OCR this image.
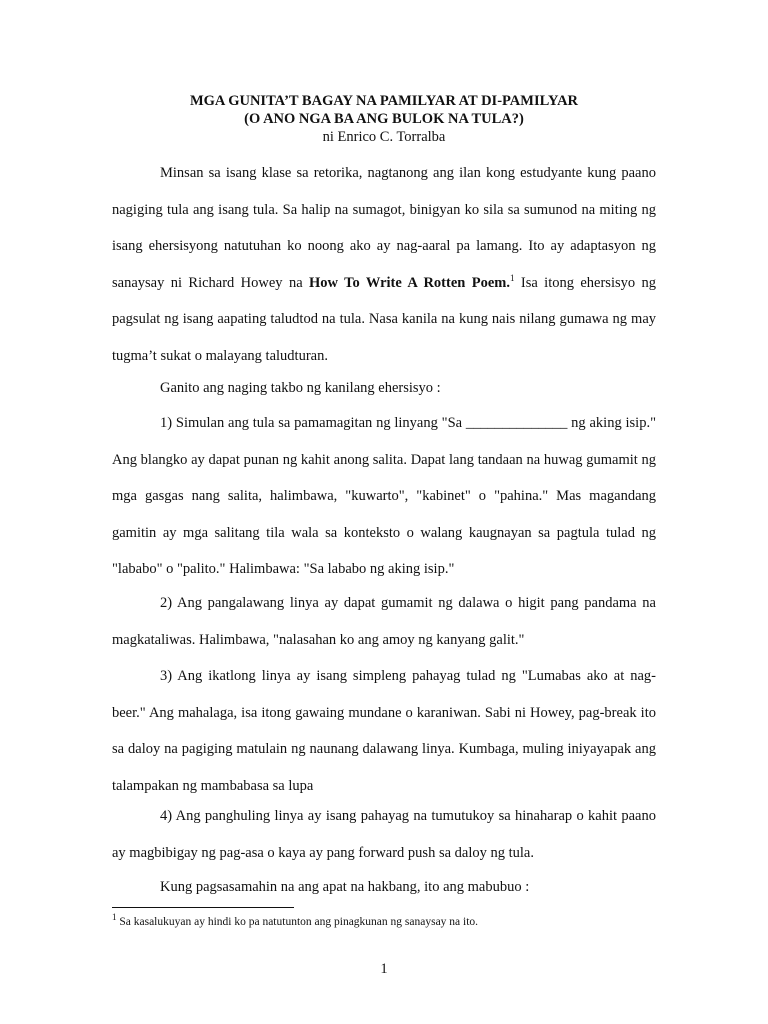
MGA GUNITA’T BAGAY NA PAMILYAR AT DI-PAMILYAR
(O ANO NGA BA ANG BULOK NA TULA?)
ni Enrico C. Torralba

Minsan sa isang klase sa retorika, nagtanong ang ilan kong estudyante kung paano nagiging tula ang isang tula. Sa halip na sumagot, binigyan ko sila sa sumunod na miting ng isang ehersisyong natutuhan ko noong ako ay nag-aaral pa lamang. Ito ay adaptasyon ng sanaysay ni Richard Howey na How To Write A Rotten Poem.$^1$ Isa itong ehersisyo ng pagsulat ng isang aapating taludtod na tula. Nasa kanila na kung nais nilang gumawa ng may tugma’t sukat o malayang taludturan.

Ganito ang naging takbo ng kanilang ehersisyo :

1) Simulan ang tula sa pamamagitan ng linyang "Sa ______________ ng aking isip." Ang blangko ay dapat punan ng kahit anong salita. Dapat lang tandaan na huwag gumamit ng mga gasgas nang salita, halimbawa, "kuwarto", "kabinet" o "pahina." Mas magandang gamitin ay mga salitang tila wala sa konteksto o walang kaugnayan sa pagtula tulad ng "lababo" o "palito." Halimbawa: "Sa lababo ng aking isip."

2) Ang pangalawang linya ay dapat gumamit ng dalawa o higit pang pandama na magkataliwas. Halimbawa, "nalasahan ko ang amoy ng kanyang galit."

3) Ang ikatlong linya ay isang simpleng pahayag tulad ng "Lumabas ako at nag-beer." Ang mahalaga, isa itong gawaing mundane o karaniwan. Sabi ni Howey, pag-break ito sa daloy na pagiging matulain ng naunang dalawang linya. Kumbaga, muling iniyayapak ang talampakan ng mambabasa sa lupa

4) Ang panghuling linya ay isang pahayag na tumutukoy sa hinaharap o kahit paano ay magbibigay ng pag-asa o kaya ay pang forward push sa daloy ng tula.

Kung pagsasamahin na ang apat na hakbang, ito ang mabubuo :

$^1$ Sa kasalukuyan ay hindi ko pa natutunton ang pinagkunan ng sanaysay na ito.
1
